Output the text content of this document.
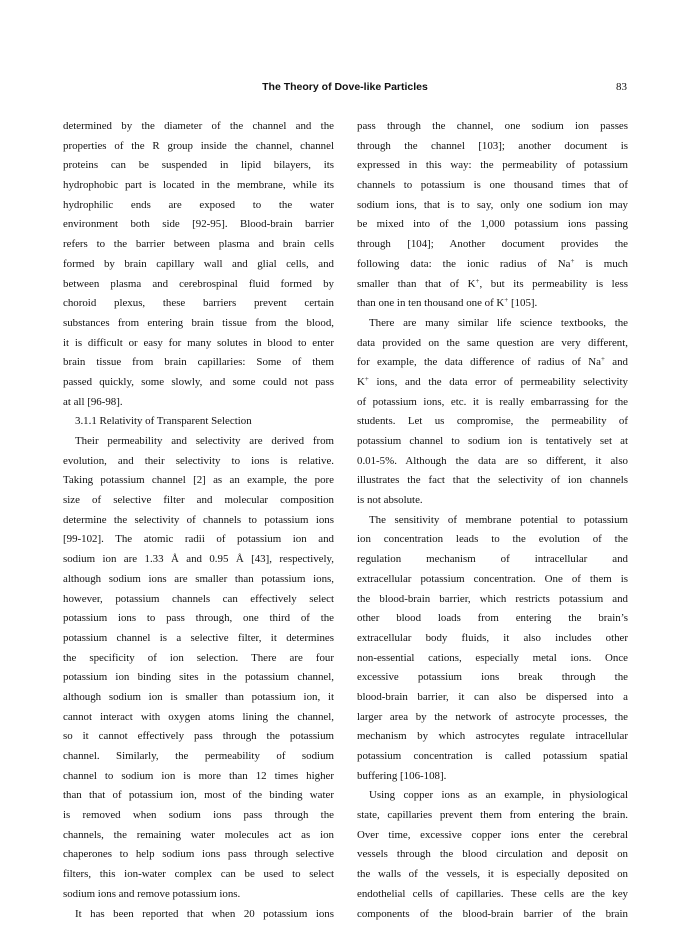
The Theory of Dove-like Particles	83
determined by the diameter of the channel and the
properties of the R group inside the channel, channel
proteins can be suspended in lipid bilayers, its
hydrophobic part is located in the membrane, while its
hydrophilic ends are exposed to the water
environment both side [92-95]. Blood-brain barrier
refers to the barrier between plasma and brain cells
formed by brain capillary wall and glial cells, and
between plasma and cerebrospinal fluid formed by
choroid plexus, these barriers prevent certain
substances from entering brain tissue from the blood,
it is difficult or easy for many solutes in blood to enter
brain tissue from brain capillaries: Some of them
passed quickly, some slowly, and some could not pass
at all [96-98].
3.1.1 Relativity of Transparent Selection
Their permeability and selectivity are derived from
evolution, and their selectivity to ions is relative.
Taking potassium channel [2] as an example, the pore
size of selective filter and molecular composition
determine the selectivity of channels to potassium ions
[99-102]. The atomic radii of potassium ion and
sodium ion are 1.33 Å and 0.95 Å [43], respectively,
although sodium ions are smaller than potassium ions,
however, potassium channels can effectively select
potassium ions to pass through, one third of the
potassium channel is a selective filter, it determines
the specificity of ion selection. There are four
potassium ion binding sites in the potassium channel,
although sodium ion is smaller than potassium ion, it
cannot interact with oxygen atoms lining the channel,
so it cannot effectively pass through the potassium
channel. Similarly, the permeability of sodium
channel to sodium ion is more than 12 times higher
than that of potassium ion, most of the binding water
is removed when sodium ions pass through the
channels, the remaining water molecules act as ion
chaperones to help sodium ions pass through selective
filters, this ion-water complex can be used to select
sodium ions and remove potassium ions.
It has been reported that when 20 potassium ions
pass through the channel, one sodium ion passes
through the channel [103]; another document is
expressed in this way: the permeability of potassium
channels to potassium is one thousand times that of
sodium ions, that is to say, only one sodium ion may
be mixed into of the 1,000 potassium ions passing
through [104]; Another document provides the
following data: the ionic radius of Na+ is much
smaller than that of K+, but its permeability is less
than one in ten thousand one of K+ [105].
There are many similar life science textbooks, the
data provided on the same question are very different,
for example, the data difference of radius of Na+ and
K+ ions, and the data error of permeability selectivity
of potassium ions, etc. it is really embarrassing for the
students. Let us compromise, the permeability of
potassium channel to sodium ion is tentatively set at
0.01-5%. Although the data are so different, it also
illustrates the fact that the selectivity of ion channels
is not absolute.
The sensitivity of membrane potential to potassium
ion concentration leads to the evolution of the
regulation mechanism of intracellular and
extracellular potassium concentration. One of them is
the blood-brain barrier, which restricts potassium and
other blood loads from entering the brain’s
extracellular body fluids, it also includes other
non-essential cations, especially metal ions. Once
excessive potassium ions break through the
blood-brain barrier, it can also be dispersed into a
larger area by the network of astrocyte processes, the
mechanism by which astrocytes regulate intracellular
potassium concentration is called potassium spatial
buffering [106-108].
Using copper ions as an example, in physiological
state, capillaries prevent them from entering the brain.
Over time, excessive copper ions enter the cerebral
vessels through the blood circulation and deposit on
the walls of the vessels, it is especially deposited on
endothelial cells of capillaries. These cells are the key
components of the blood-brain barrier of the brain
